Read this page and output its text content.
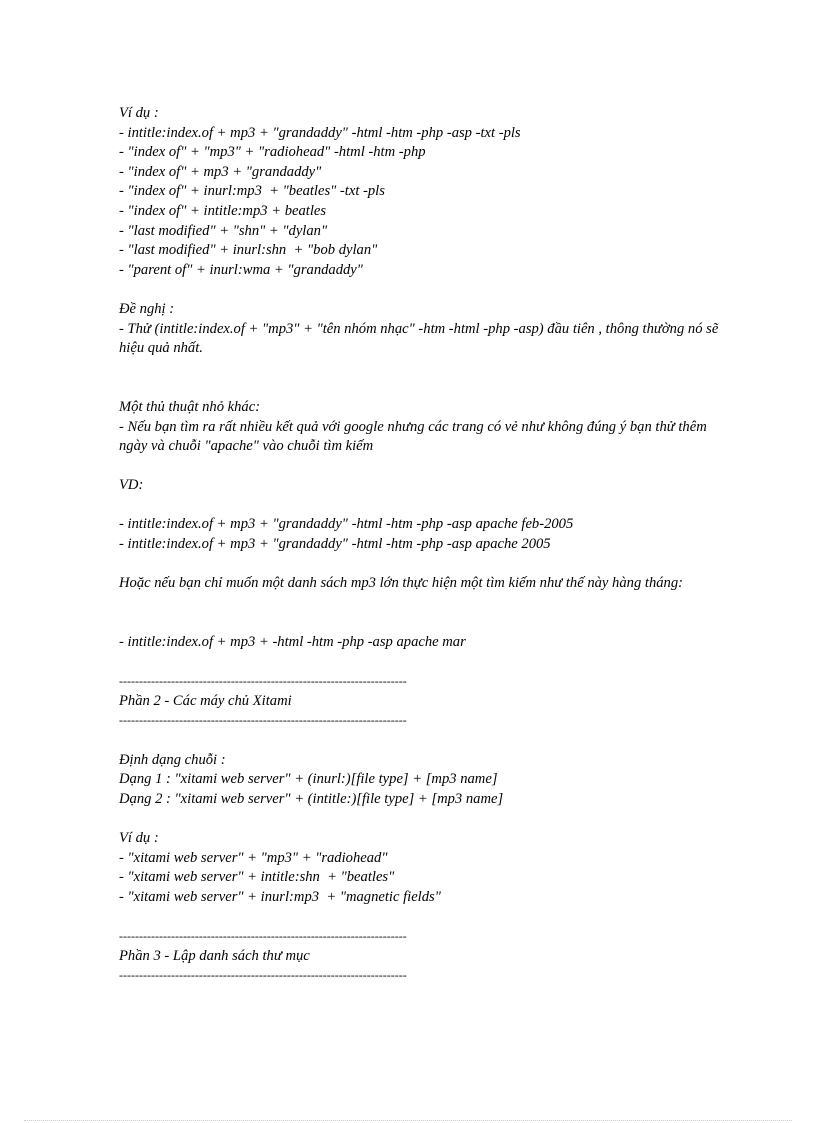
Ví dụ :
- intitle:index.of + mp3 + "grandaddy" -html -htm -php -asp -txt -pls
- "index of" + "mp3" + "radiohead" -html -htm -php
- "index of" + mp3 + "grandaddy"
- "index of" + inurl:mp3  + "beatles" -txt -pls
- "index of" + intitle:mp3 + beatles
- "last modified" + "shn" + "dylan"
- "last modified" + inurl:shn  + "bob dylan"
- "parent of" + inurl:wma + "grandaddy"
Đề nghị :
- Thử (intitle:index.of + "mp3" + "tên nhóm nhạc" -htm -html -php -asp) đầu tiên , thông thường nó sẽ hiệu quả nhất.
Một thủ thuật nhỏ khác:
- Nếu bạn tìm ra rất nhiều kết quả với google nhưng các trang có vẻ như không đúng ý bạn thử thêm ngày và chuỗi "apache" vào chuỗi tìm kiếm
VD:
- intitle:index.of + mp3 + "grandaddy" -html -htm -php -asp apache feb-2005
- intitle:index.of + mp3 + "grandaddy" -html -htm -php -asp apache 2005
Hoặc nếu bạn chỉ muốn một danh sách mp3 lớn thực hiện một tìm kiếm như thế này hàng tháng:
- intitle:index.of + mp3 + -html -htm -php -asp apache mar
------------------------------------------------------------------------
Phần 2 - Các máy chủ Xitami
------------------------------------------------------------------------
Định dạng chuỗi :
Dạng 1 : "xitami web server" + (inurl:)[file type] + [mp3 name]
Dạng 2 : "xitami web server" + (intitle:)[file type] + [mp3 name]
Ví dụ :
- "xitami web server" + "mp3" + "radiohead"
- "xitami web server" + intitle:shn  + "beatles"
- "xitami web server" + inurl:mp3  + "magnetic fields"
------------------------------------------------------------------------
Phần 3 - Lập danh sách thư mục
------------------------------------------------------------------------
